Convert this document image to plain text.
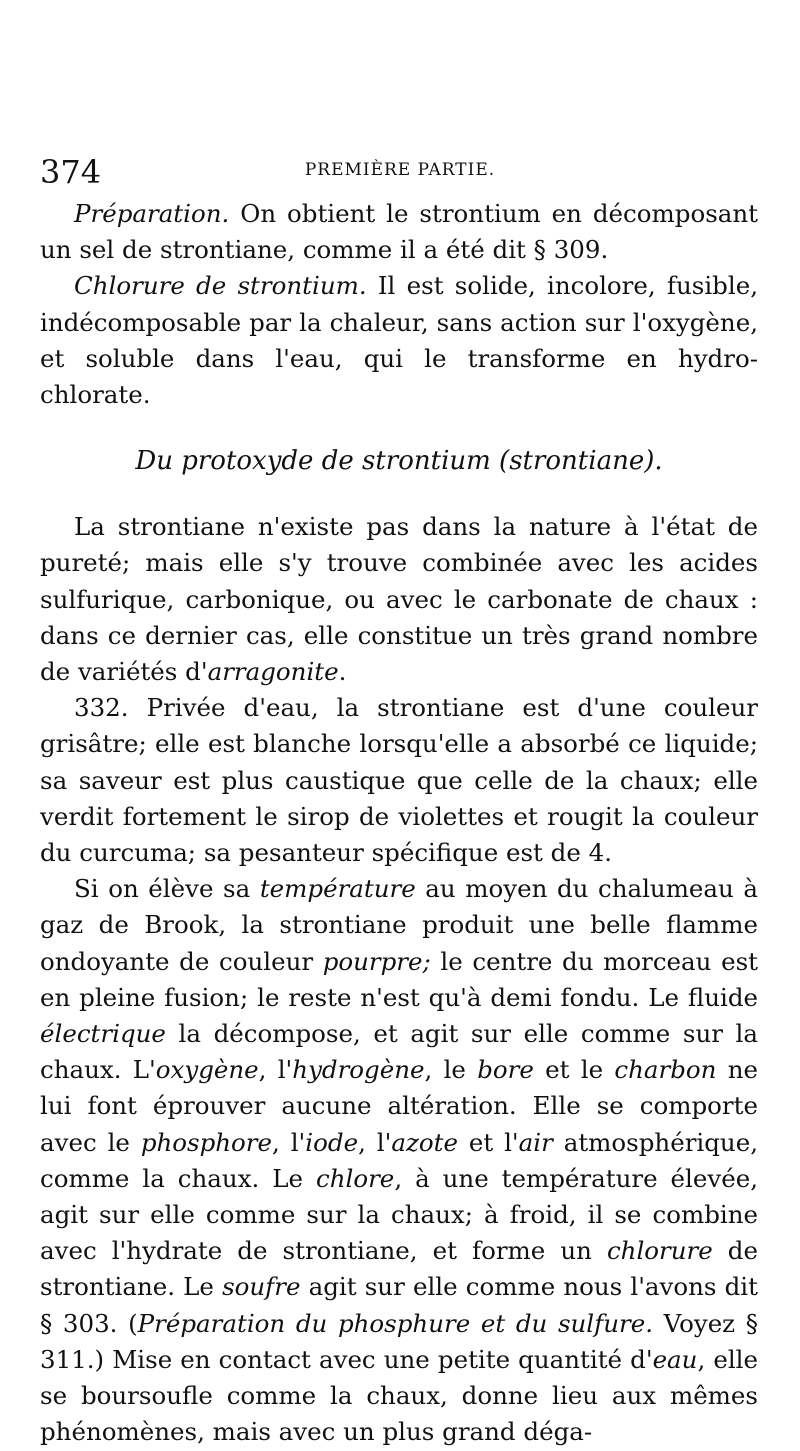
374	PREMIÈRE PARTIE.

Préparation. On obtient le strontium en décomposant un sel de strontiane, comme il a été dit § 309.

Chlorure de strontium. Il est solide, incolore, fusible, indécomposable par la chaleur, sans action sur l'oxygène, et soluble dans l'eau, qui le transforme en hydro-chlorate.

Du protoxyde de strontium (strontiane).

La strontiane n'existe pas dans la nature à l'état de pureté; mais elle s'y trouve combinée avec les acides sulfurique, carbonique, ou avec le carbonate de chaux : dans ce dernier cas, elle constitue un très grand nombre de variétés d'arragonite.

332. Privée d'eau, la strontiane est d'une couleur grisâtre; elle est blanche lorsqu'elle a absorbé ce liquide; sa saveur est plus caustique que celle de la chaux; elle verdit fortement le sirop de violettes et rougit la couleur du curcuma; sa pesanteur spécifique est de 4.

Si on élève sa température au moyen du chalumeau à gaz de Brook, la strontiane produit une belle flamme ondoyante de couleur pourpre; le centre du morceau est en pleine fusion; le reste n'est qu'à demi fondu. Le fluide électrique la décompose, et agit sur elle comme sur la chaux. L'oxygène, l'hydrogène, le bore et le charbon ne lui font éprouver aucune altération. Elle se comporte avec le phosphore, l'iode, l'azote et l'air atmosphérique, comme la chaux. Le chlore, à une température élevée, agit sur elle comme sur la chaux; à froid, il se combine avec l'hydrate de strontiane, et forme un chlorure de strontiane. Le soufre agit sur elle comme nous l'avons dit § 303. (Préparation du phosphure et du sulfure. Voyez § 311.) Mise en contact avec une petite quantité d'eau, elle se boursoufle comme la chaux, donne lieu aux mêmes phénomènes, mais avec un plus grand déga-
